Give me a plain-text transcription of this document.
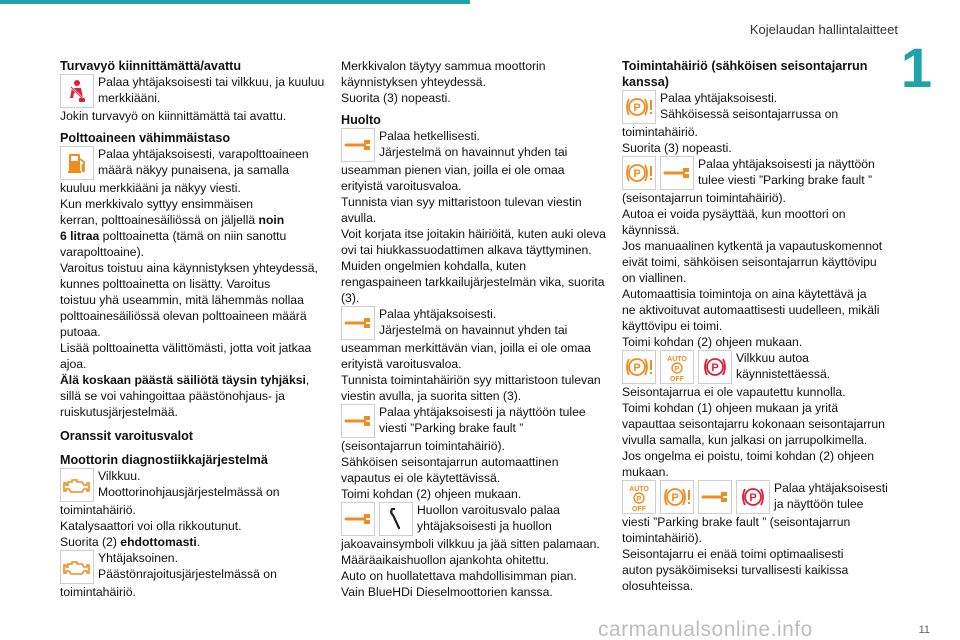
Kojelaudan hallintalaitteet
1
11
Turvavyö kiinnittämättä/avattu
Palaa yhtäjaksoisesti tai vilkkuu, ja kuuluu merkkiääni.

Jokin turvavyö on kiinnittämättä tai avattu.

Polttoaineen vähimmäistaso
Palaa yhtäjaksoisesti, varapolttoaineen määrä näkyy punaisena, ja samalla

kuuluu merkkiääni ja näkyy viesti.

Kun merkkivalo syttyy ensimmäisen

kerran, polttoainesäiliössä on jäljellä noin

6 litraa polttoainetta (tämä on niin sanottu

varapolttoaine).

Varoitus toistuu aina käynnistyksen yhteydessä,

kunnes polttoainetta on lisätty. Varoitus

toistuu yhä useammin, mitä lähemmäs nollaa

polttoainesäiliössä olevan polttoaineen määrä

putoaa.

Lisää polttoainetta välittömästi, jotta voit jatkaa

ajoa.

Älä koskaan päästä säiliötä täysin tyhjäksi,

sillä se voi vahingoittaa päästönohjaus- ja

ruiskutusjärjestelmää.

Oranssit varoitusvalot
Moottorin diagnostiikkajärjestelmä

Vilkkuu.

Moottorinohjausjärjestelmässä on

toimintahäiriö.

Katalysaattori voi olla rikkoutunut.

Suorita (2) ehdottomasti.

Yhtäjaksoinen.

Päästönrajoitusjärjestelmässä on

toimintahäiriö.

Merkkivalon täytyy sammua moottorin

käynnistyksen yhteydessä.

Suorita (3) nopeasti.

Huolto

Palaa hetkellisesti.

Järjestelmä on havainnut yhden tai

useamman pienen vian, joilla ei ole omaa

erityistä varoitusvaloa.

Tunnista vian syy mittaristoon tulevan viestin

avulla.

Voit korjata itse joitakin häiriöitä, kuten auki oleva

ovi tai hiukkassuodattimen alkava täyttyminen.

Muiden ongelmien kohdalla, kuten

rengaspaineen tarkkailujärjestelmän vika, suorita

(3).

Palaa yhtäjaksoisesti.

Järjestelmä on havainnut yhden tai

useamman merkittävän vian, joilla ei ole omaa

erityistä varoitusvaloa.

Tunnista toimintahäiriön syy mittaristoon tulevan

viestin avulla, ja suorita sitten (3).

Palaa yhtäjaksoisesti ja näyttöön tulee

viesti ”Parking brake fault ”

(seisontajarrun toimintahäiriö).

Sähköisen seisontajarrun automaattinen

vapautus ei ole käytettävissä.

Toimi kohdan (2) ohjeen mukaan.

Huollon varoitusvalo palaa

yhtäjaksoisesti ja huollon

jakoavainsymboli vilkkuu ja jää sitten palamaan.

Määräaikaishuollon ajankohta ohitettu.

Auto on huollatettava mahdollisimman pian.

Vain BlueHDi Dieselmoottorien kanssa.

Toimintahäiriö (sähköisen seisontajarrun kanssa)
P

Palaa yhtäjaksoisesti.

Sähköisessä seisontajarrussa on

toimintahäiriö.

Suorita (3) nopeasti.

P

Palaa yhtäjaksoisesti ja näyttöön

tulee viesti ”Parking brake fault ”

(seisontajarrun toimintahäiriö).

Autoa ei voida pysäyttää, kun moottori on

käynnissä.

Jos manuaalinen kytkentä ja vapautuskomennot

eivät toimi, sähköisen seisontajarrun käyttövipu

on viallinen.

Automaattisia toimintoja on aina käytettävä ja

ne aktivoituvat automaattisesti uudelleen, mikäli

käyttövipu ei toimi.

Toimi kohdan (2) ohjeen mukaan.

P
AUTO
P
OFF
P

Vilkkuu autoa

käynnistettäessä.

Seisontajarrua ei ole vapautettu kunnolla.

Toimi kohdan (1) ohjeen mukaan ja yritä

vapauttaa seisontajarru kokonaan seisontajarrun

vivulla samalla, kun jalkasi on jarrupolkimella.

Jos ongelma ei poistu, toimi kohdan (2) ohjeen

mukaan.

AUTO
P
OFF
P	P

Palaa yhtäjaksoisesti

ja näyttöön tulee

viesti ”Parking brake fault ” (seisontajarrun

toimintahäiriö).

Seisontajarru ei enää toimi optimaalisesti

auton pysäköimiseksi turvallisesti kaikissa

olosuhteissa.

carmanualsonline.info
